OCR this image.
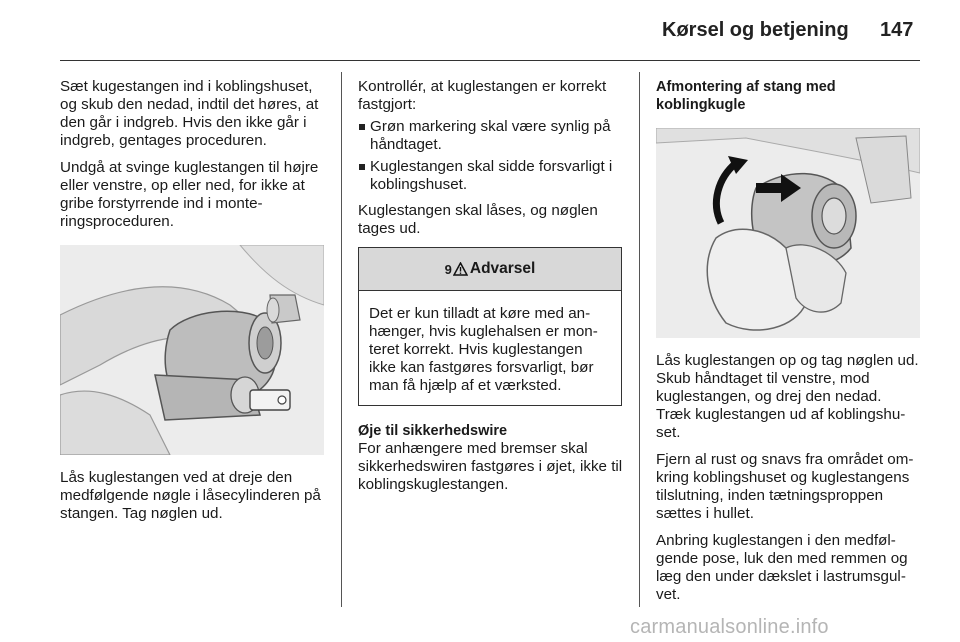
Kørsel og betjening 147

Sæt kugestangen ind i koblingshuset, og skub den nedad, indtil det høres, at den går i indgreb. Hvis den ikke går i indgreb, gentages proceduren.

Undgå at svinge kuglestangen til højre eller venstre, op eller ned, for ikke at gribe forstyrrende ind i monteringsproceduren.

Lås kuglestangen ved at dreje den medfølgende nøgle i låsecylinderen på stangen. Tag nøglen ud.

Kontrollér, at kuglestangen er korrekt fastgjort:

Grøn markering skal være synlig på håndtaget.
Kuglestangen skal sidde forsvarligt i koblingshuset.

Kuglestangen skal låses, og nøglen tages ud.

9 Advarsel

Det er kun tilladt at køre med anhænger, hvis kuglehalsen er monteret korrekt. Hvis kuglestangen ikke kan fastgøres forsvarligt, bør man få hjælp af et værksted.

Øje til sikkerhedswire

For anhængere med bremser skal sikkerhedswiren fastgøres i øjet, ikke til koblingskuglestangen.

Afmontering af stang med koblingkugle

Lås kuglestangen op og tag nøglen ud. Skub håndtaget til venstre, mod kuglestangen, og drej den nedad. Træk kuglestangen ud af koblingshuset.

Fjern al rust og snavs fra området omkring koblingshuset og kuglestangens tilslutning, inden tætningsproppen sættes i hullet.

Anbring kuglestangen i den medfølgende pose, luk den med remmen og læg den under dækslet i lastrumsgulvet.

carmanualsonline.info
